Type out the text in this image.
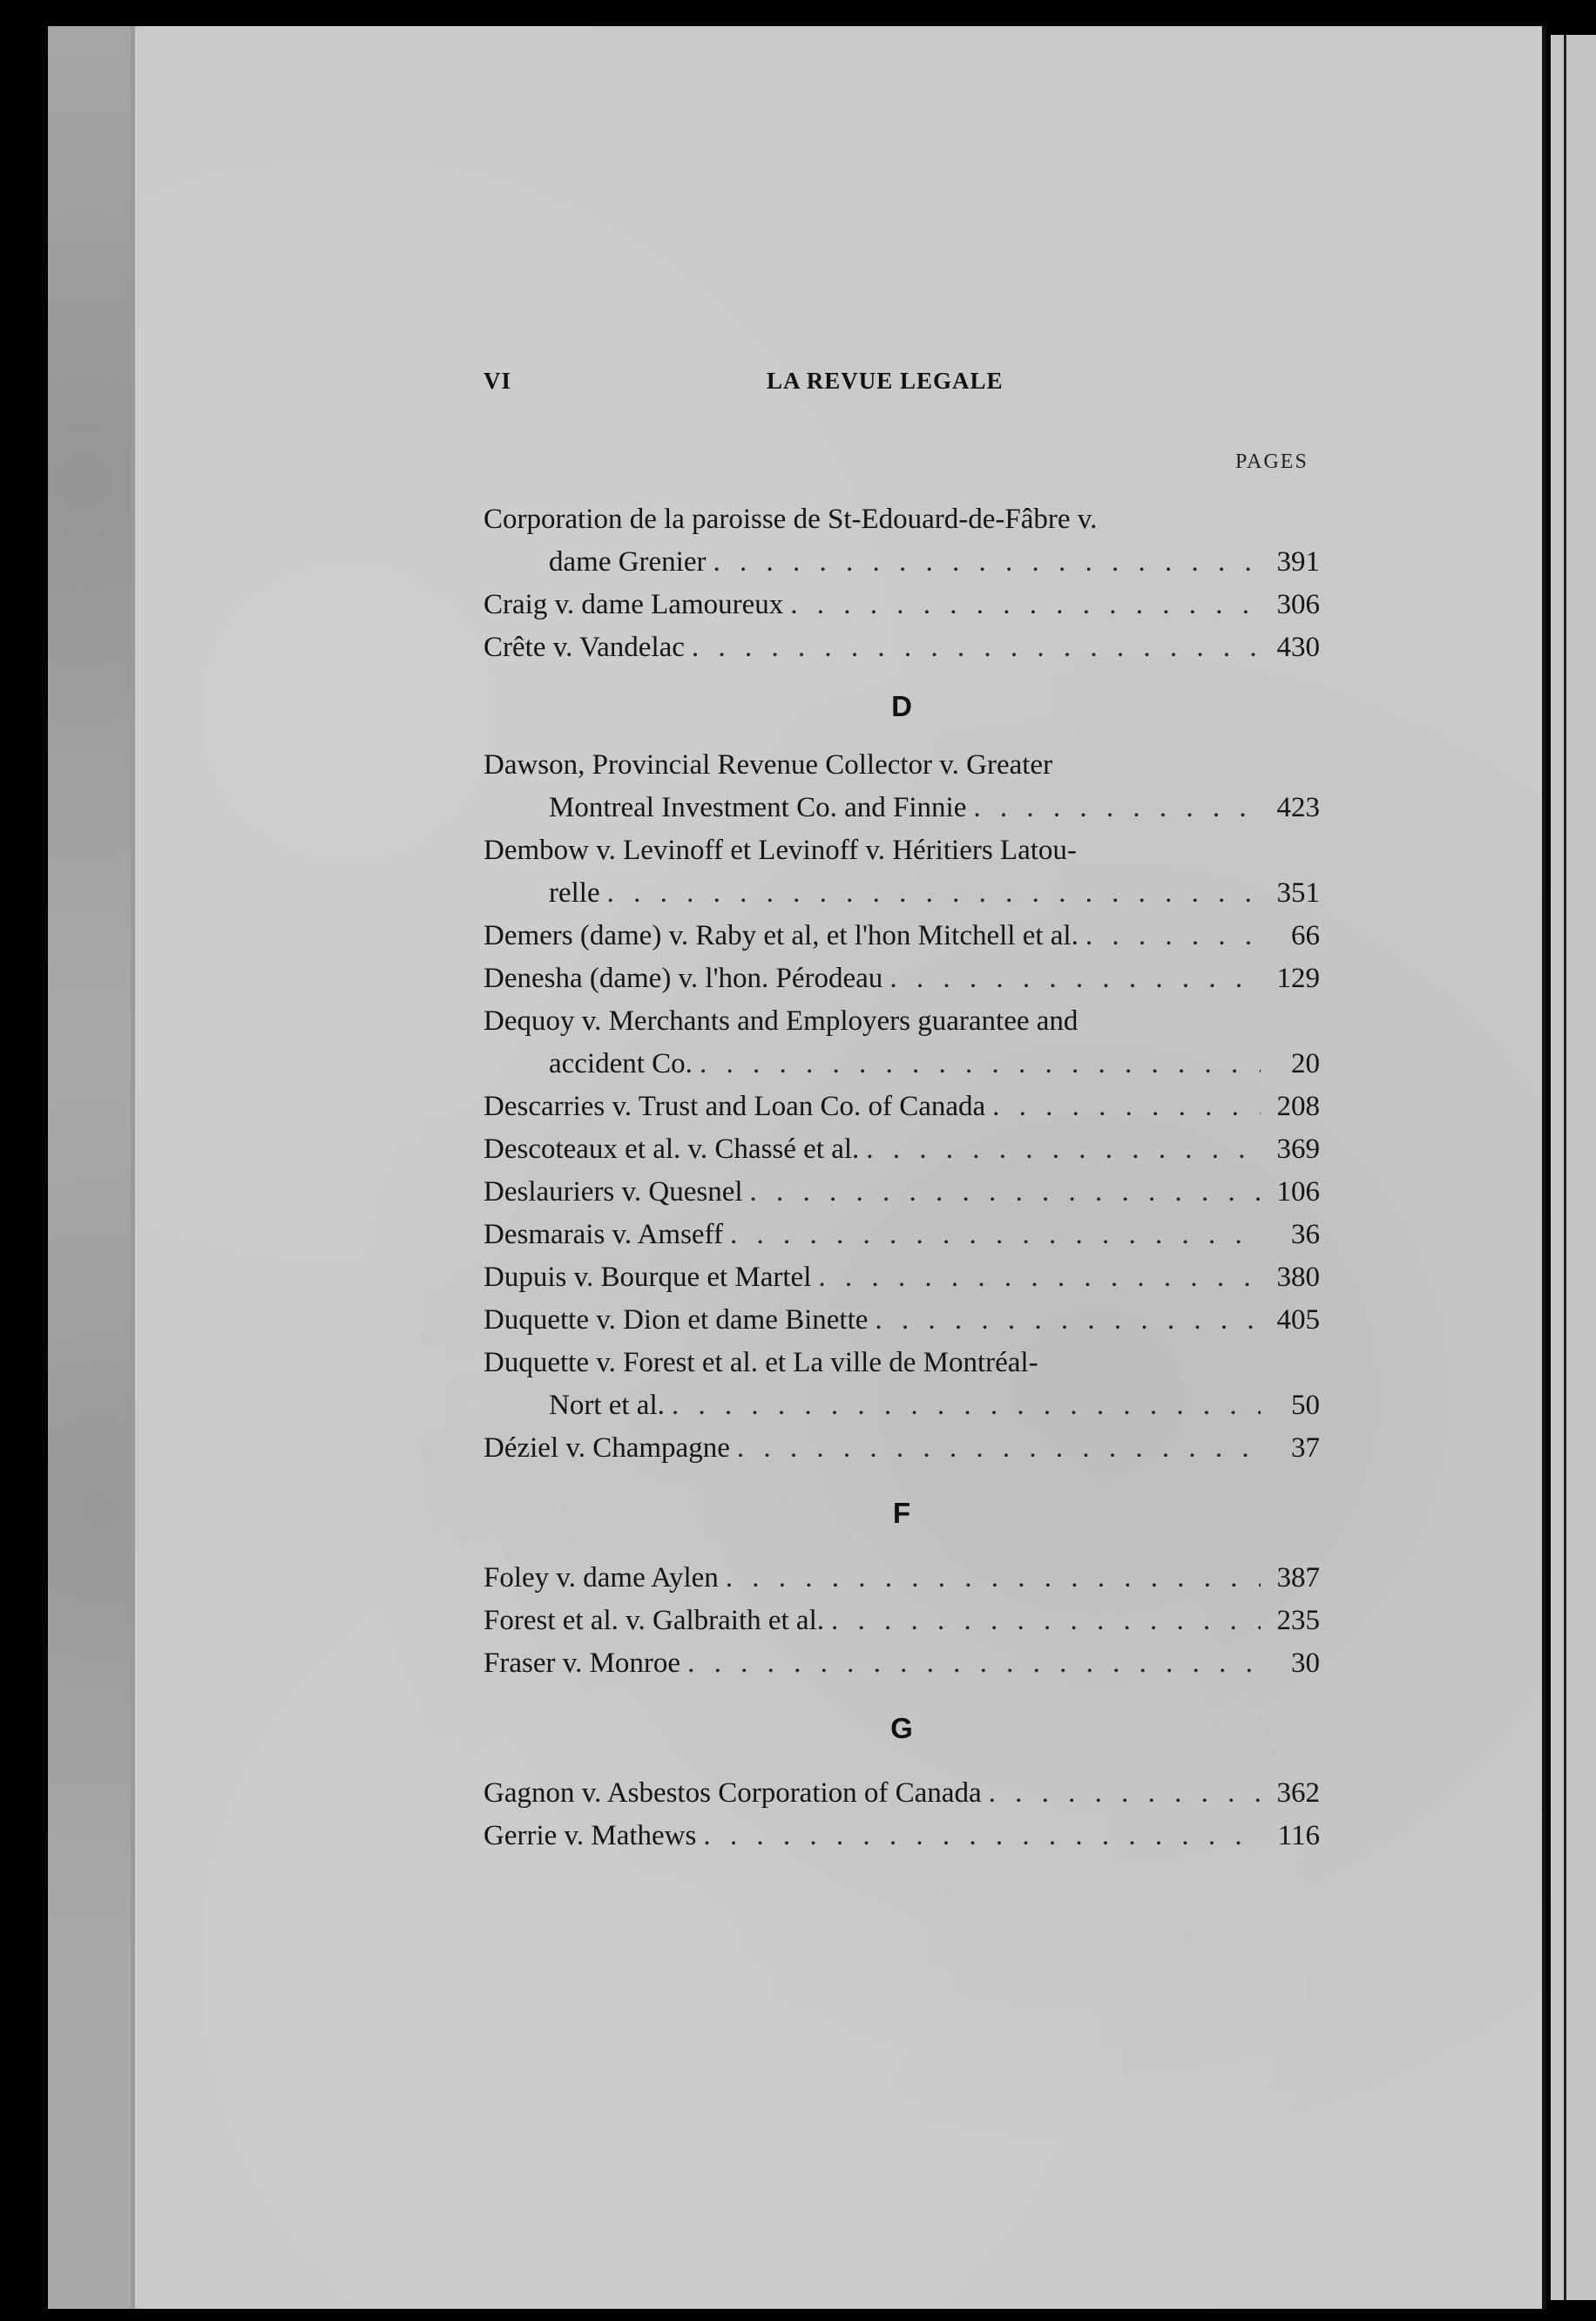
VI	LA REVUE LEGALE
PAGES
Corporation de la paroisse de St-Edouard-de-Fâbre v.
dame Grenier . . .	391
Craig v. dame Lamoureux . . .	306
Crête v. Vandelac . . .	430
D
Dawson, Provincial Revenue Collector v. Greater
Montreal Investment Co. and Finnie . . .	423
Dembow v. Levinoff et Levinoff v. Héritiers Latou-
relle . . .	351
Demers (dame) v. Raby et al, et l'hon Mitchell et al. . . .	66
Denesha (dame) v. l'hon. Pérodeau . . .	129
Dequoy v. Merchants and Employers guarantee and
accident Co. . . .	20
Descarries v. Trust and Loan Co. of Canada . . .	208
Descoteaux et al. v. Chassé et al. . . .	369
Deslauriers v. Quesnel . . .	106
Desmarais v. Amseff . . .	36
Dupuis v. Bourque et Martel . . .	380
Duquette v. Dion et dame Binette . . .	405
Duquette v. Forest et al. et La ville de Montréal-
Nort et al. . . .	50
Déziel v. Champagne . . .	37
F
Foley v. dame Aylen . . .	387
Forest et al. v. Galbraith et al. . . .	235
Fraser v. Monroe . . .	30
G
Gagnon v. Asbestos Corporation of Canada . . .	362
Gerrie v. Mathews . . .	116
